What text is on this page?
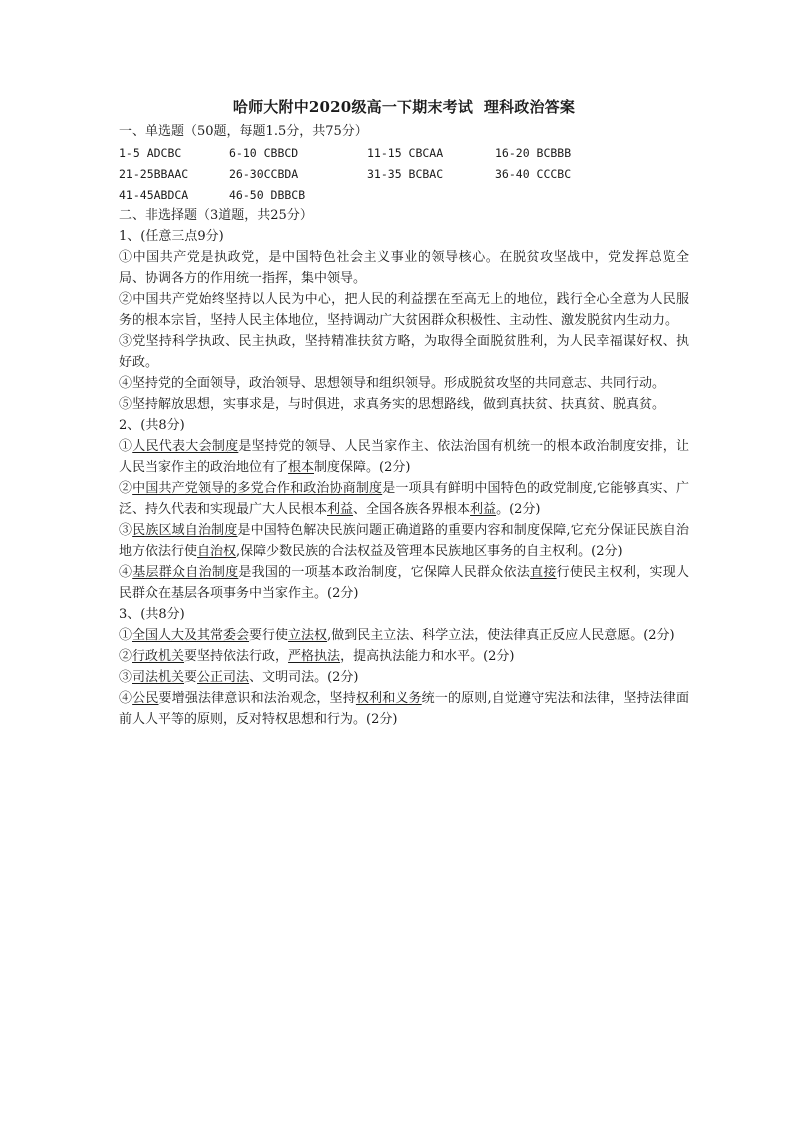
哈师大附中2020级高一下期末考试  理科政治答案
一、单选题（50题，每题1.5分，共75分）
1-5 ADCBC	6-10 CBBCD	11-15 CBCAA	16-20 BCBBB
21-25BBAAC	26-30CCBDA	31-35 BCBAC	36-40 CCCBC
41-45ABDCA	46-50 DBBCB		
二、非选择题（3道题，共25分）
1、(任意三点9分)

①中国共产党是执政党，是中国特色社会主义事业的领导核心。在脱贫攻坚战中，党发挥总览全局、协调各方的作用统一指挥，集中领导。

②中国共产党始终坚持以人民为中心，把人民的利益摆在至高无上的地位，践行全心全意为人民服务的根本宗旨，坚持人民主体地位，坚持调动广大贫困群众积极性、主动性、激发脱贫内生动力。

③党坚持科学执政、民主执政，坚持精准扶贫方略，为取得全面脱贫胜利，为人民幸福谋好权、执好政。

④坚持党的全面领导，政治领导、思想领导和组织领导。形成脱贫攻坚的共同意志、共同行动。

⑤坚持解放思想，实事求是，与时俱进，求真务实的思想路线，做到真扶贫、扶真贫、脱真贫。

2、(共8分)

①人民代表大会制度是坚持党的领导、人民当家作主、依法治国有机统一的根本政治制度安排，让人民当家作主的政治地位有了根本制度保障。(2分)

②中国共产党领导的多党合作和政治协商制度是一项具有鲜明中国特色的政党制度,它能够真实、广泛、持久代表和实现最广大人民根本利益、全国各族各界根本利益。(2分)

③民族区域自治制度是中国特色解决民族问题正确道路的重要内容和制度保障,它充分保证民族自治地方依法行使自治权,保障少数民族的合法权益及管理本民族地区事务的自主权利。(2分)

④基层群众自治制度是我国的一项基本政治制度，它保障人民群众依法直接行使民主权利，实现人民群众在基层各项事务中当家作主。(2分)

3、(共8分)

①全国人大及其常委会要行使立法权,做到民主立法、科学立法，使法律真正反应人民意愿。(2分)

②行政机关要坚持依法行政，严格执法，提高执法能力和水平。(2分)

③司法机关要公正司法、文明司法。(2分)

④公民要增强法律意识和法治观念，坚持权利和义务统一的原则,自觉遵守宪法和法律，坚持法律面前人人平等的原则，反对特权思想和行为。(2分)
